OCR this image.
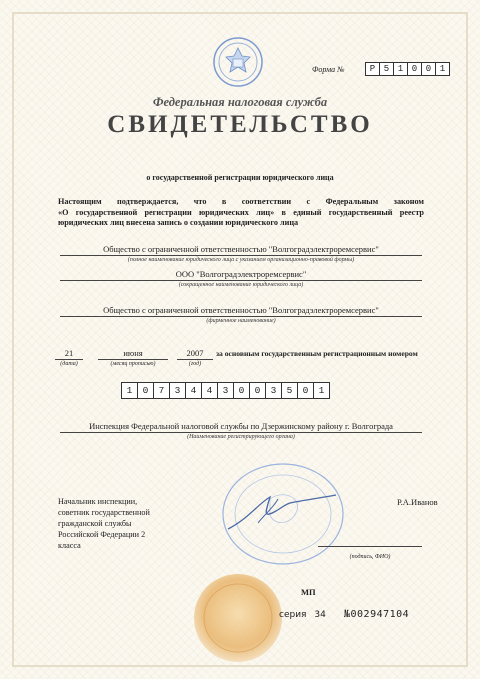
Форма №	Р 5 1 0 0 1
Федеральная налоговая служба
СВИДЕТЕЛЬСТВО
о государственной регистрации юридического лица
Настоящим подтверждается, что в соответствии с Федеральным законом
«О государственной регистрации юридических лиц» в единый государственный реестр
юридических лиц внесена запись о создании юридического лица
Общество с ограниченной ответственностью "Волгоградэлектроремсервис"
(полное наименование юридического лица с указанием организационно-правовой формы)
ООО "Волгоградэлектроремсервис"
(сокращенное наименование юридического лица)
Общество с ограниченной ответственностью "Волгоградэлектроремсервис"
(фирменное наименование)
21
(дата)
июня
(месяц прописью)
2007
(год)
за основным государственным регистрационным номером
1	0	7	3	4	4	3	0	0	3	5	0	1
Инспекция Федеральной налоговой службы по Дзержинскому району г. Волгограда
(Наименование регистрирующего органа)
Начальник инспекции,
советник государственной
гражданской службы
Российской Федерации 2
класса
Р.А.Иванов
(подпись, ФИО)
МП
серия 34 №002947104
